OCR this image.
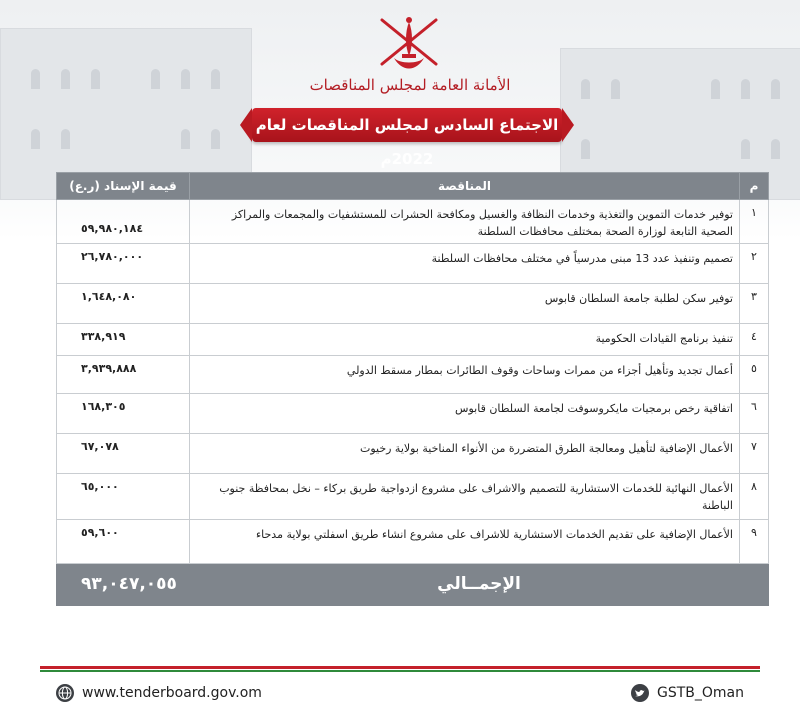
الأمانة العامة لمجلس المناقصات
الاجتماع السادس لمجلس المناقصات لعام 2022م
م	المناقصة	قيمة الإسناد (ر.ع)
١	توفير خدمات التموين والتغذية وخدمات النظافة والغسيل ومكافحة الحشرات للمستشفيات والمجمعات والمراكز الصحية التابعة لوزارة الصحة بمختلف محافظات السلطنة	٥٩,٩٨٠,١٨٤
٢	تصميم وتنفيذ عدد 13 مبنى مدرسياً في مختلف محافظات السلطنة	٢٦,٧٨٠,٠٠٠
٣	توفير سكن لطلبة جامعة السلطان قابوس	١,٦٤٨,٠٨٠
٤	تنفيذ برنامج القيادات الحكومية	٣٣٨,٩١٩
٥	أعمال تجديد وتأهيل أجزاء من ممرات وساحات وقوف الطائرات بمطار مسقط الدولي	٣,٩٣٩,٨٨٨
٦	اتفاقية رخص برمجيات مايكروسوفت لجامعة السلطان قابوس	١٦٨,٣٠٥
٧	الأعمال الإضافية لتأهيل ومعالجة الطرق المتضررة من الأنواء المناخية بولاية رخيوت	٦٧,٠٧٨
٨	الأعمال النهائية للخدمات الاستشارية للتصميم والاشراف على مشروع ازدواجية طريق بركاء – نخل بمحافظة جنوب الباطنة	٦٥,٠٠٠
٩	الأعمال الإضافية على تقديم الخدمات الاستشارية للاشراف على مشروع انشاء طريق اسفلتي بولاية مدحاء	٥٩,٦٠٠
الإجمــالي		٩٣,٠٤٧,٠٥٥
www.tenderboard.gov.om	GSTB_Oman
